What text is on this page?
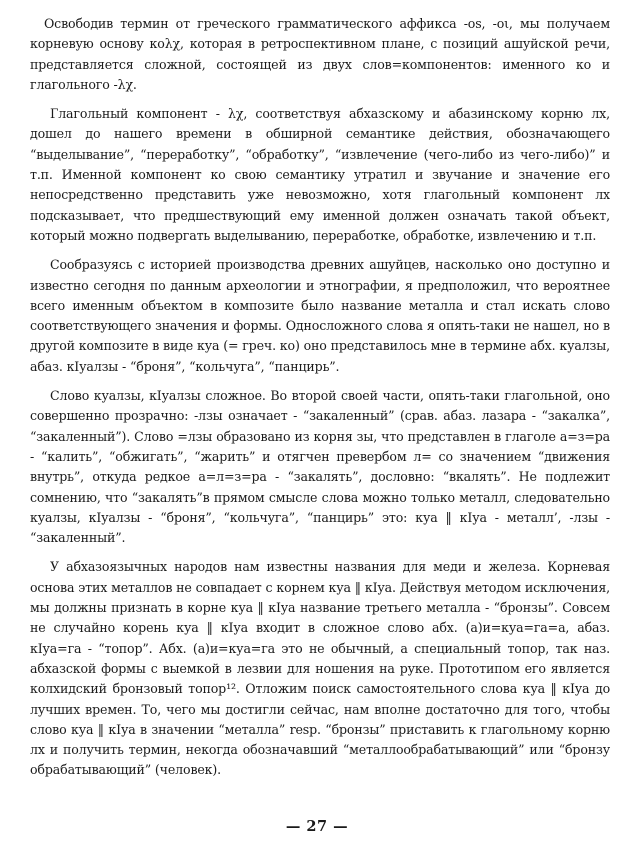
Освободив термин от греческого грамматического аффикса -os, -oι, мы получаем корневую основу коλχ, которая в ретроспективном плане, с позиций ашуйской речи, представляется сложной, состоящей из двух слов=компонентов: именного ко и глагольного -λχ.

Глагольный компонент - λχ, соответствуя абхазскому и абазинскому корню лх, дошел до нашего времени в обширной семантике действия, обозначающего “выделывание”, “переработку”, “обработку”, “извлечение (чего-либо из чего-либо)” и т.п. Именной компонент ко свою семантику утратил и звучание и значение его непосредственно представить уже невозможно, хотя глагольный компонент лх подсказывает, что предшествующий ему именной должен означать такой объект, который можно подвергать выделыванию, переработке, обработке, извлечению и т.п.

Сообразуясь с историей производства древних ашуйцев, насколько оно доступно и известно сегодня по данным археологии и этнографии, я предположил, что вероятнее всего именным объектом в композите было название металла и стал искать слово соответствующего значения и формы. Односложного слова я опять-таки не нашел, но в другой композите в виде куа (= греч. ко) оно представилось мне в термине абх. куалзы, абаз. кIуалзы - “броня”, “кольчуга”, “панцирь”.

Слово куалзы, кIуалзы сложное. Во второй своей части, опять-таки глагольной, оно совершенно прозрачно: -лзы означает - “закаленный” (срав. абаз. лазара - “закалка”, “закаленный”). Слово =лзы образовано из корня зы, что представлен в глаголе а=з=ра - “калить”, “обжигать”, “жарить” и отягчен превербом л= со значением “движения внутрь”, откуда редкое а=л=з=ра - “закалять”, дословно: “вкалять”. Не подлежит сомнению, что “закалять”в прямом смысле слова можно только металл, следовательно куалзы, кIуалзы - “броня”, “кольчуга”, “панцирь” это: куа ‖ кIуа - металл’, -лзы - “закаленный”.

У абхазоязычных народов нам известны названия для меди и железа. Корневая основа этих металлов не совпадает с корнем куа ‖ кIуа. Действуя методом исключения, мы должны признать в корне куа ‖ кIуа название третьего металла - “бронзы”. Совсем не случайно корень куа ‖ кIуа входит в сложное слово абх. (а)и=куа=га=а, абаз. кIуа=га - “топор”. Абх. (а)и=куа=га это не обычный, а специальный топор, так наз. абхазской формы с выемкой в лезвии для ношения на руке. Прототипом его является колхидский бронзовый топор¹². Отложим поиск самостоятельного слова куа ‖ кIуа до лучших времен. То, чего мы достигли сейчас, нам вполне достаточно для того, чтобы слово куа ‖ кIуа в значении “металла” resp. “бронзы” приставить к глагольному корню лх и получить термин, некогда обозначавший “металлообрабатывающий” или “бронзу обрабатывающий” (человек).

— 27 —
